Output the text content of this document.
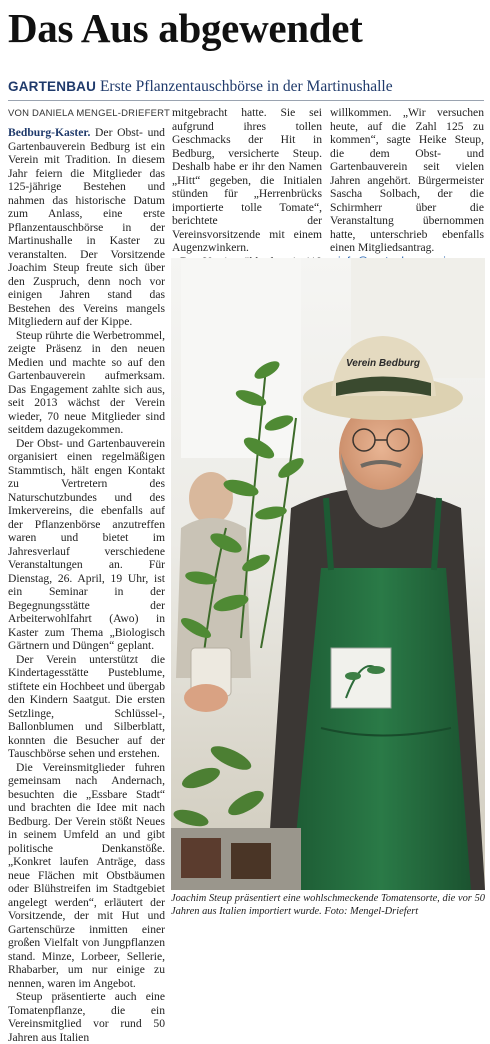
Das Aus abgewendet
GARTENBAU Erste Pflanzentauschbörse in der Martinushalle
VON DANIELA MENGEL-DRIEFERT

Bedburg-Kaster. Der Obst- und Gartenbauverein Bedburg ist ein Verein mit Tradition. In diesem Jahr feiern die Mitglieder das 125-jährige Bestehen und nahmen das historische Datum zum Anlass, eine erste Pflanzentauschbörse in der Martinushalle in Kaster zu veranstalten. Der Vorsitzende Joachim Steup freute sich über den Zuspruch, denn noch vor einigen Jahren stand das Bestehen des Vereins mangels Mitgliedern auf der Kippe.

Steup rührte die Werbetrommel, zeigte Präsenz in den neuen Medien und machte so auf den Gartenbauverein aufmerksam. Das Engagement zahlte sich aus, seit 2013 wächst der Verein wieder, 70 neue Mitglieder sind seitdem dazugekommen.

Der Obst- und Gartenbauverein organisiert einen regelmäßigen Stammtisch, hält engen Kontakt zu Vertretern des Naturschutzbundes und des Imkervereins, die ebenfalls auf der Pflanzenbörse anzutreffen waren und bietet im Jahresverlauf verschiedene Veranstaltungen an. Für Dienstag, 26. April, 19 Uhr, ist ein Seminar in der Begegnungsstätte der Arbeiterwohlfahrt (Awo) in Kaster zum Thema „Biologisch Gärtnern und Düngen“ geplant.

Der Verein unterstützt die Kindertagesstätte Pusteblume, stiftete ein Hochbeet und übergab den Kindern Saatgut. Die ersten Setzlinge, Schlüssel-, Ballonblumen und Silberblatt, konnten die Besucher auf der Tauschbörse sehen und erstehen.

Die Vereinsmitglieder fuhren gemeinsam nach Andernach, besuchten die „Essbare Stadt“ und brachten die Idee mit nach Bedburg. Der Verein stößt Neues in seinem Umfeld an und gibt politische Denkanstöße. „Konkret laufen Anträge, dass neue Flächen mit Obstbäumen oder Blühstreifen im Stadtgebiet angelegt werden“, erläutert der Vorsitzende, der mit Hut und Gartenschürze inmitten einer großen Vielfalt von Jungpflanzen stand. Minze, Lorbeer, Sellerie, Rhabarber, um nur einige zu nennen, waren im Angebot.

Steup präsentierte auch eine Tomatenpflanze, die ein Vereinsmitglied vor rund 50 Jahren aus Italien

mitgebracht hatte. Sie sei aufgrund ihres tollen Geschmacks der Hit in Bedburg, versicherte Steup. Deshalb habe er ihr den Namen „Hitt“ gegeben, die Initialen stünden für „Herrenbrücks importierte tolle Tomate“, berichtete der Vereinsvorsitzende mit einem Augenzwinkern.

willkommen. „Wir versuchen heute, auf die Zahl 125 zu kommen“, sagte Heike Steup, die dem Obst- und Gartenbauverein seit vielen Jahren angehört. Bürgermeister Sascha Solbach, der die Schirmherr über die Veranstaltung übernommen hatte, unterschrieb ebenfalls einen Mitgliedsantrag.

Verein Bedburg
Joachim Steup präsentiert eine wohlschmeckende Tomatensorte, die vor 50 Jahren aus Italien importiert wurde. Foto: Mengel-Driefert
